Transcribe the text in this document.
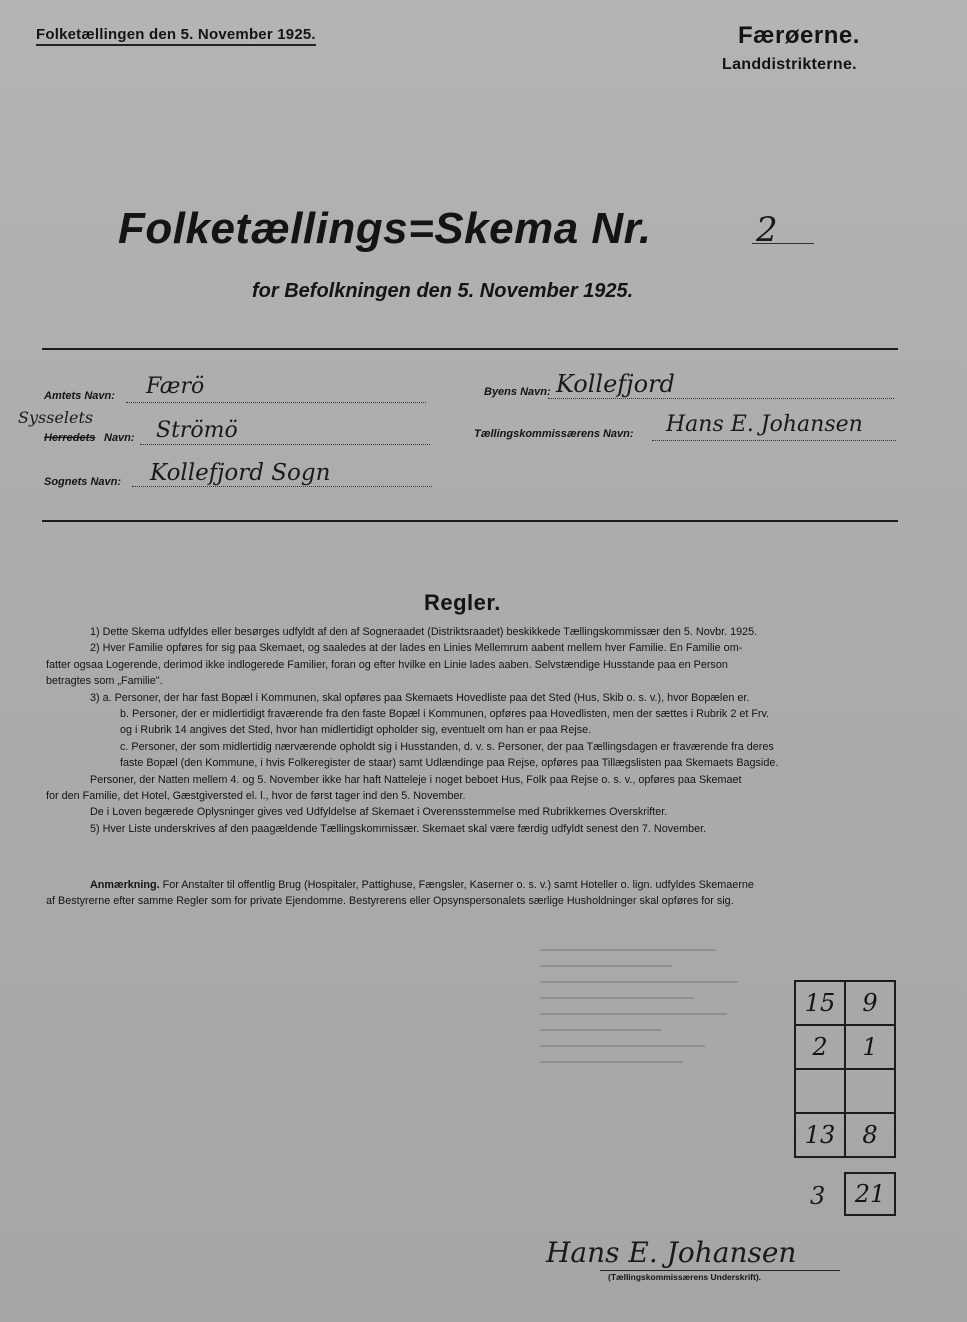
Folketællingen den 5. November 1925.	Færøerne.
Landdistrikterne.
Folketællings=Skema Nr.	2
for Befolkningen den 5. November 1925.
Amtets Navn: Færö	Byens Navn: Kollefjord
Sysselets
Herredets Navn: Strömö	Tællingskommissærens Navn: Hans E. Johansen
Sognets Navn: Kollefjord Sogn
Regler.

1) Dette Skema udfyldes eller besørges udfyldt af den af Sogneraadet (Distriktsraadet) beskikkede Tællingskommissær den 5. Novbr. 1925.

2) Hver Familie opføres for sig paa Skemaet, og saaledes at der lades en Linies Mellemrum aabent mellem hver Familie. En Familie om-

fatter ogsaa Logerende, derimod ikke indlogerede Familier, foran og efter hvilke en Linie lades aaben. Selvstændige Husstande paa en Person

betragtes som „Familie".

3) a. Personer, der har fast Bopæl i Kommunen, skal opføres paa Skemaets Hovedliste paa det Sted (Hus, Skib o. s. v.), hvor Bopælen er.

b. Personer, der er midlertidigt fraværende fra den faste Bopæl i Kommunen, opføres paa Hovedlisten, men der sættes i Rubrik 2 et Frv.

og i Rubrik 14 angives det Sted, hvor han midlertidigt opholder sig, eventuelt om han er paa Rejse.

c. Personer, der som midlertidig nærværende opholdt sig i Husstanden, d. v. s. Personer, der paa Tællingsdagen er fraværende fra deres

faste Bopæl (den Kommune, i hvis Folkeregister de staar) samt Udlændinge paa Rejse, opføres paa Tillægslisten paa Skemaets Bagside.

Personer, der Natten mellem 4. og 5. November ikke har haft Natteleje i noget beboet Hus, Folk paa Rejse o. s. v., opføres paa Skemaet

for den Familie, det Hotel, Gæstgiversted el. l., hvor de først tager ind den 5. November.

De i Loven begærede Oplysninger gives ved Udfyldelse af Skemaet i Overensstemmelse med Rubrikkernes Overskrifter.

5) Hver Liste underskrives af den paagældende Tællingskommissær. Skemaet skal være færdig udfyldt senest den 7. November.

Anmærkning. For Anstalter til offentlig Brug (Hospitaler, Pattighuse, Fængsler, Kaserner o. s. v.) samt Hoteller o. lign. udfyldes Skemaerne

af Bestyrerne efter samme Regler som for private Ejendomme. Bestyrerens eller Opsynspersonalets særlige Husholdninger skal opføres for sig.

15	9
2	1
13	8
3	21
Hans E. Johansen
(Tællingskommissærens Underskrift).
